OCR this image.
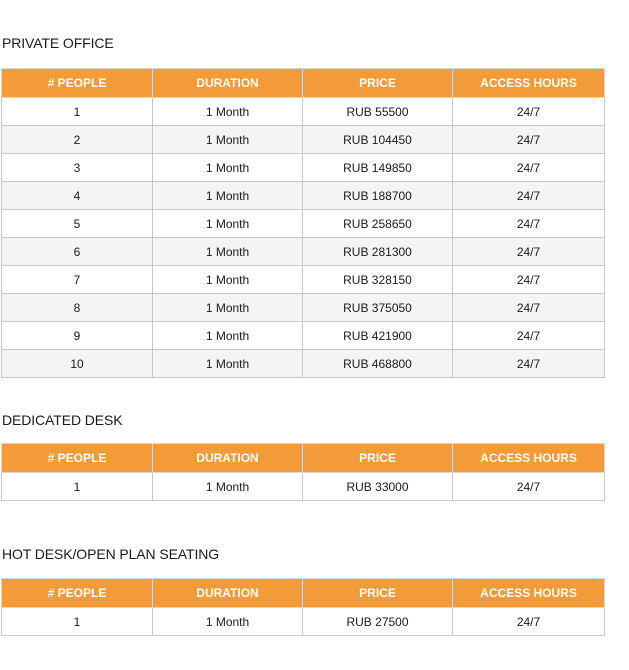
PRIVATE OFFICE
# PEOPLE	DURATION	PRICE	ACCESS HOURS
1	1 Month	RUB 55500	24/7
2	1 Month	RUB 104450	24/7
3	1 Month	RUB 149850	24/7
4	1 Month	RUB 188700	24/7
5	1 Month	RUB 258650	24/7
6	1 Month	RUB 281300	24/7
7	1 Month	RUB 328150	24/7
8	1 Month	RUB 375050	24/7
9	1 Month	RUB 421900	24/7
10	1 Month	RUB 468800	24/7
DEDICATED DESK
# PEOPLE	DURATION	PRICE	ACCESS HOURS
1	1 Month	RUB 33000	24/7
HOT DESK/OPEN PLAN SEATING
# PEOPLE	DURATION	PRICE	ACCESS HOURS
1	1 Month	RUB 27500	24/7
